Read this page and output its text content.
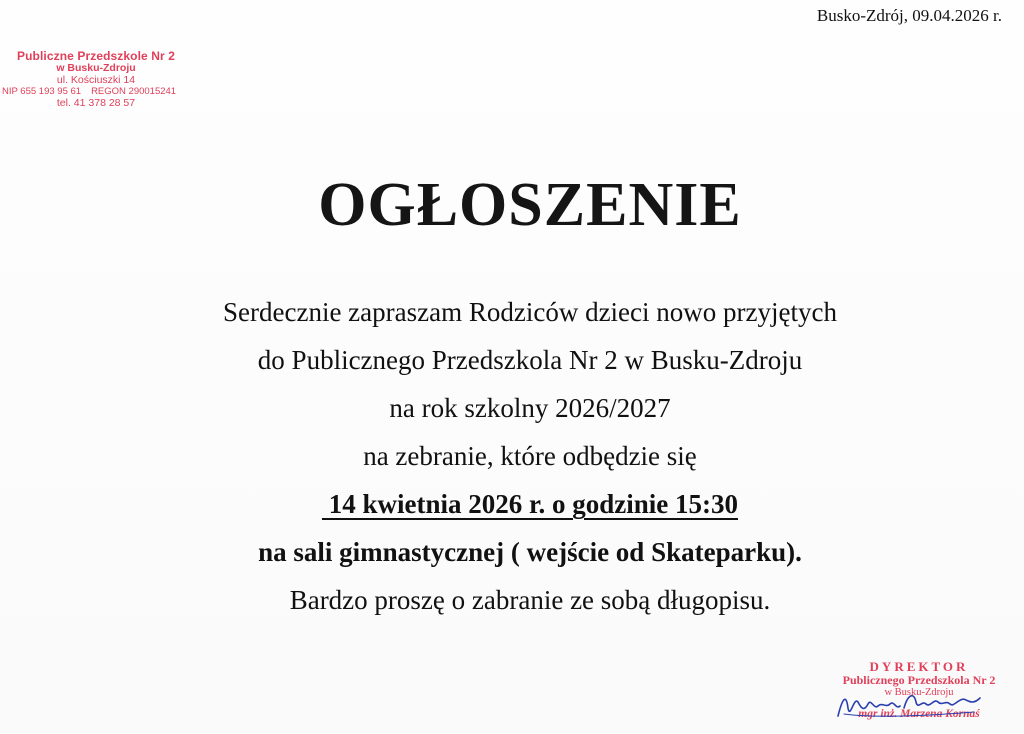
Busko-Zdrój, 09.04.2026 r.
Publiczne Przedszkole Nr 2
w Busku-Zdroju
ul. Kościuszki 14
NIP 655 193 95 61 REGON 290015241
tel. 41 378 28 57
OGŁOSZENIE
Serdecznie zapraszam Rodziców dzieci nowo przyjętych
do Publicznego Przedszkola Nr 2 w Busku-Zdroju
na rok szkolny 2026/2027
na zebranie, które odbędzie się
14 kwietnia 2026 r. o godzinie 15:30
na sali gimnastycznej ( wejście od Skateparku).
Bardzo proszę o zabranie ze sobą długopisu.
DYREKTOR
Publicznego Przedszkola Nr 2
w Busku-Zdroju
mgr inż. Marzena Kornaś
